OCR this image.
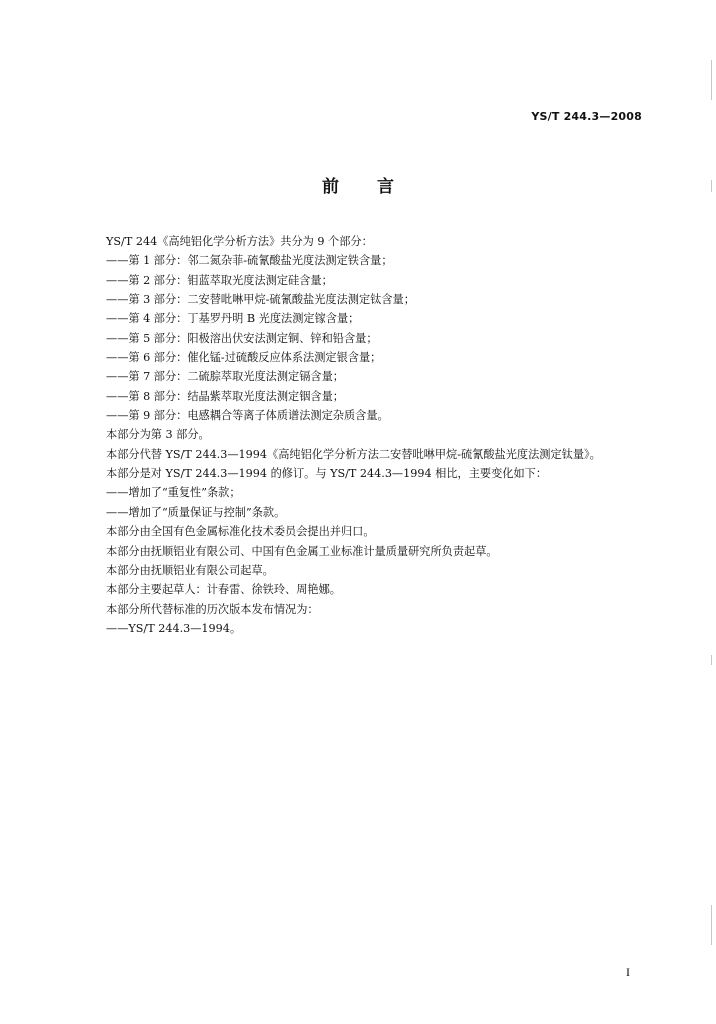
YS/T 244.3—2008
前 言
YS/T 244《高纯铝化学分析方法》共分为 9 个部分：
——第 1 部分：邻二氮杂菲-硫氰酸盐光度法测定铁含量；
——第 2 部分：钼蓝萃取光度法测定硅含量；
——第 3 部分：二安替吡啉甲烷-硫氰酸盐光度法测定钛含量；
——第 4 部分：丁基罗丹明 B 光度法测定镓含量；
——第 5 部分：阳极溶出伏安法测定铜、锌和铅含量；
——第 6 部分：催化锰-过硫酸反应体系法测定银含量；
——第 7 部分：二硫腙萃取光度法测定镉含量；
——第 8 部分：结晶紫萃取光度法测定铟含量；
——第 9 部分：电感耦合等离子体质谱法测定杂质含量。
本部分为第 3 部分。
本部分代替 YS/T 244.3—1994《高纯铝化学分析方法二安替吡啉甲烷-硫氰酸盐光度法测定钛量》。
本部分是对 YS/T 244.3—1994 的修订。与 YS/T 244.3—1994 相比，主要变化如下：
——增加了“重复性”条款；
——增加了“质量保证与控制”条款。
本部分由全国有色金属标准化技术委员会提出并归口。
本部分由抚顺铝业有限公司、中国有色金属工业标准计量质量研究所负责起草。
本部分由抚顺铝业有限公司起草。
本部分主要起草人：计春雷、徐铁玲、周艳娜。
本部分所代替标准的历次版本发布情况为：
——YS/T 244.3—1994。
I
